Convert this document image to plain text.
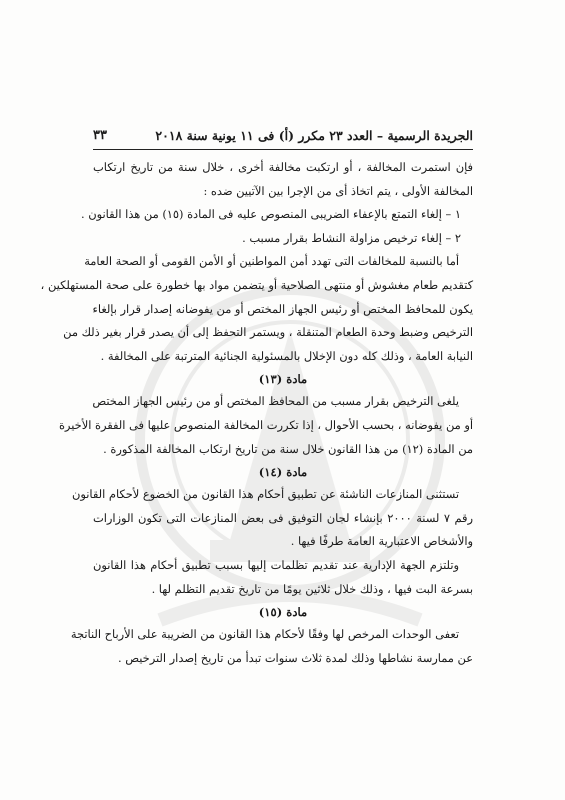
الجريدة الرسمية – العدد ٢٣ مكرر (أ) فى ١١ يونية سنة ٢٠١٨
٣٣

فإن استمرت المخالفة ، أو ارتكبت مخالفة أخرى ، خلال سنة من تاريخ ارتكاب

المخالفة الأولى ، يتم اتخاذ أى من الإجرا بين الآتيين ضده :

١ – إلغاء التمتع بالإعفاء الضريبى المنصوص عليه فى المادة (١٥) من هذا القانون .

٢ – إلغاء ترخيص مزاولة النشاط بقرار مسبب .

أما بالنسبة للمخالفات التى تهدد أمن المواطنين أو الأمن القومى أو الصحة العامة

كتقديم طعام مغشوش أو منتهى الصلاحية أو يتضمن مواد بها خطورة على صحة المستهلكين ،

يكون للمحافظ المختص أو رئيس الجهاز المختص أو من يفوضانه إصدار قرار بإلغاء

الترخيص وضبط وحدة الطعام المتنقلة ، ويستمر التحفظ إلى أن يصدر قرار بغير ذلك من

النيابة العامة ، وذلك كله دون الإخلال بالمسئولية الجنائية المترتبة على المخالفة .

مادة (١٣)

يلغى الترخيص بقرار مسبب من المحافظ المختص أو من رئيس الجهاز المختص

أو من يفوضانه ، بحسب الأحوال ، إذا تكررت المخالفة المنصوص عليها فى الفقرة الأخيرة

من المادة (١٢) من هذا القانون خلال سنة من تاريخ ارتكاب المخالفة المذكورة .

مادة (١٤)

تستثنى المنازعات الناشئة عن تطبيق أحكام هذا القانون من الخضوع لأحكام القانون

رقم ٧ لسنة ٢٠٠٠ بإنشاء لجان التوفيق فى بعض المنازعات التى تكون الوزارات

والأشخاص الاعتبارية العامة طرفًا فيها .

وتلتزم الجهة الإدارية عند تقديم تظلمات إليها بسبب تطبيق أحكام هذا القانون

بسرعة البت فيها ، وذلك خلال ثلاثين يومًا من تاريخ تقديم التظلم لها .

مادة (١٥)

تعفى الوحدات المرخص لها وفقًا لأحكام هذا القانون من الضريبة على الأرباح الناتجة

عن ممارسة نشاطها وذلك لمدة ثلاث سنوات تبدأ من تاريخ إصدار الترخيص .
